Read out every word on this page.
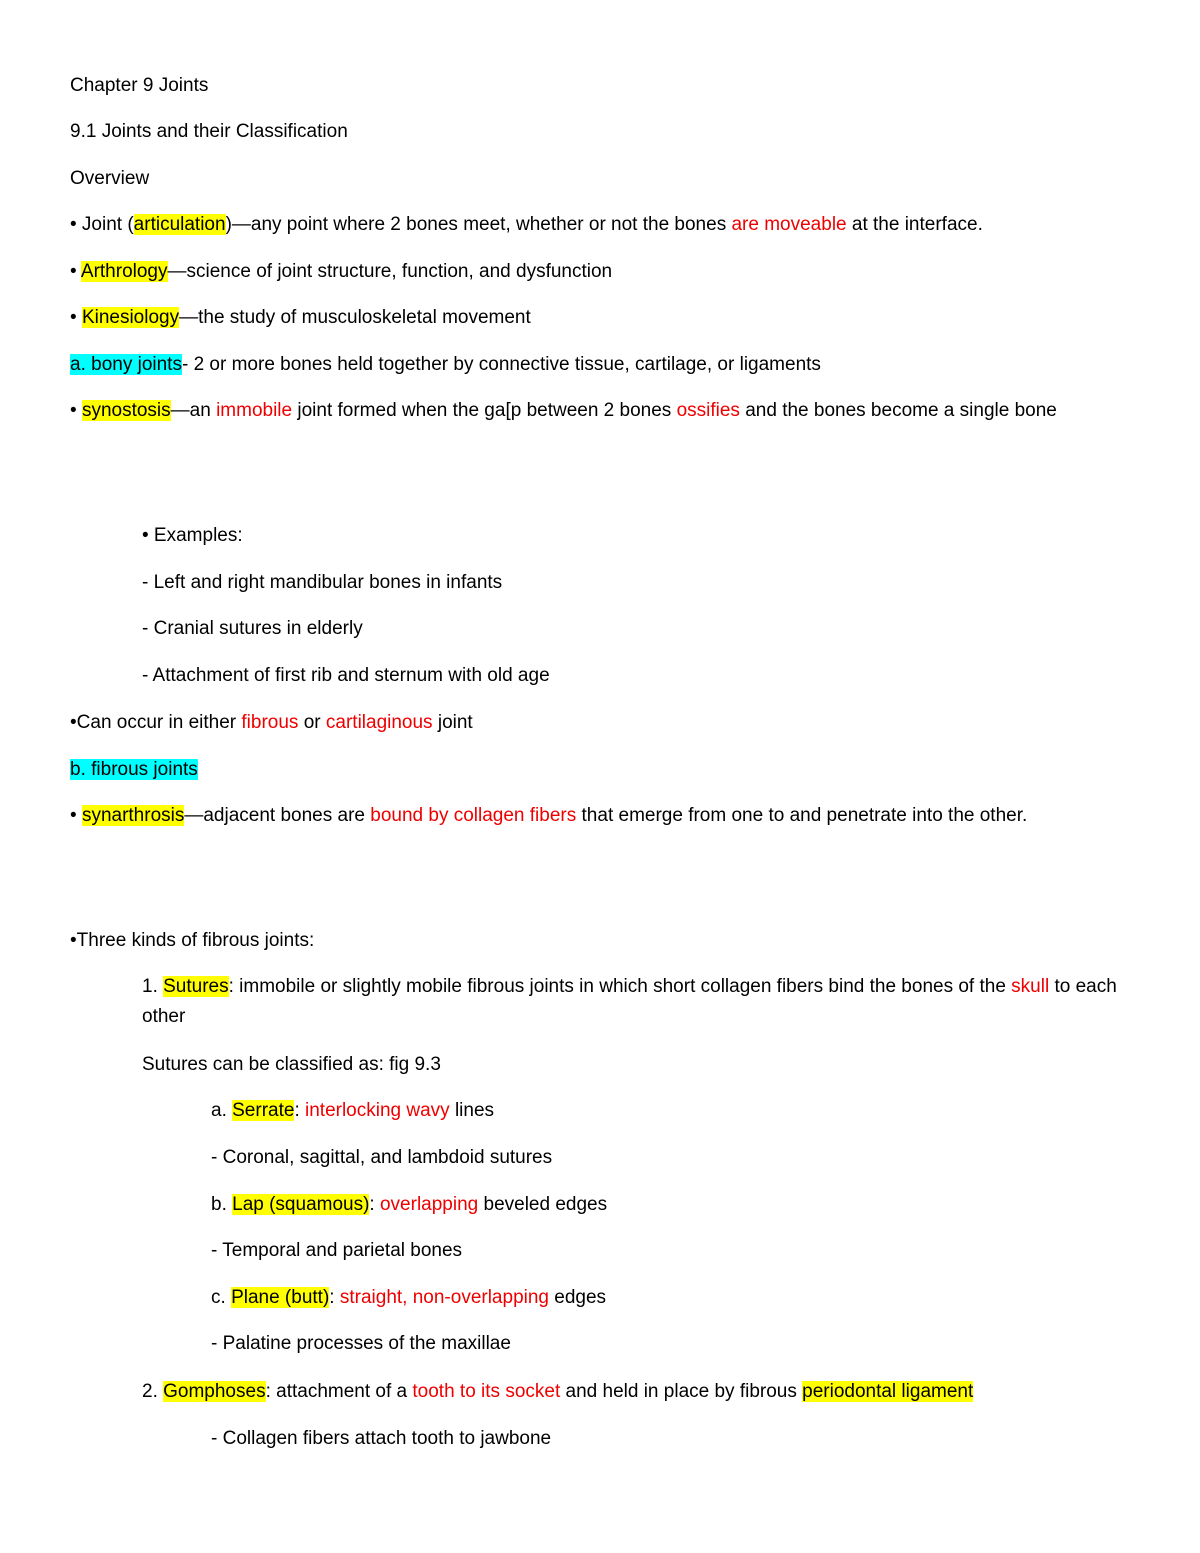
Chapter 9 Joints
9.1 Joints and their Classification
Overview
• Joint (articulation)—any point where 2 bones meet, whether or not the bones are moveable at the interface.
• Arthrology—science of joint structure, function, and dysfunction
• Kinesiology—the study of musculoskeletal movement
a. bony joints- 2 or more bones held together by connective tissue, cartilage, or ligaments
• synostosis—an immobile joint formed when the ga[p between 2 bones ossifies and the bones become a single bone
• Examples:
- Left and right mandibular bones in infants
- Cranial sutures in elderly
- Attachment of first rib and sternum with old age
•Can occur in either fibrous or cartilaginous joint
b. fibrous joints
• synarthrosis—adjacent bones are bound by collagen fibers that emerge from one to and penetrate into the other.
•Three kinds of fibrous joints:
1. Sutures: immobile or slightly mobile fibrous joints in which short collagen fibers bind the bones of the skull to each other
Sutures can be classified as: fig 9.3
a. Serrate: interlocking wavy lines
- Coronal, sagittal, and lambdoid sutures
b. Lap (squamous): overlapping beveled edges
- Temporal and parietal bones
c. Plane (butt): straight, non-overlapping edges
- Palatine processes of the maxillae
2. Gomphoses: attachment of a tooth to its socket and held in place by fibrous periodontal ligament
- Collagen fibers attach tooth to jawbone
